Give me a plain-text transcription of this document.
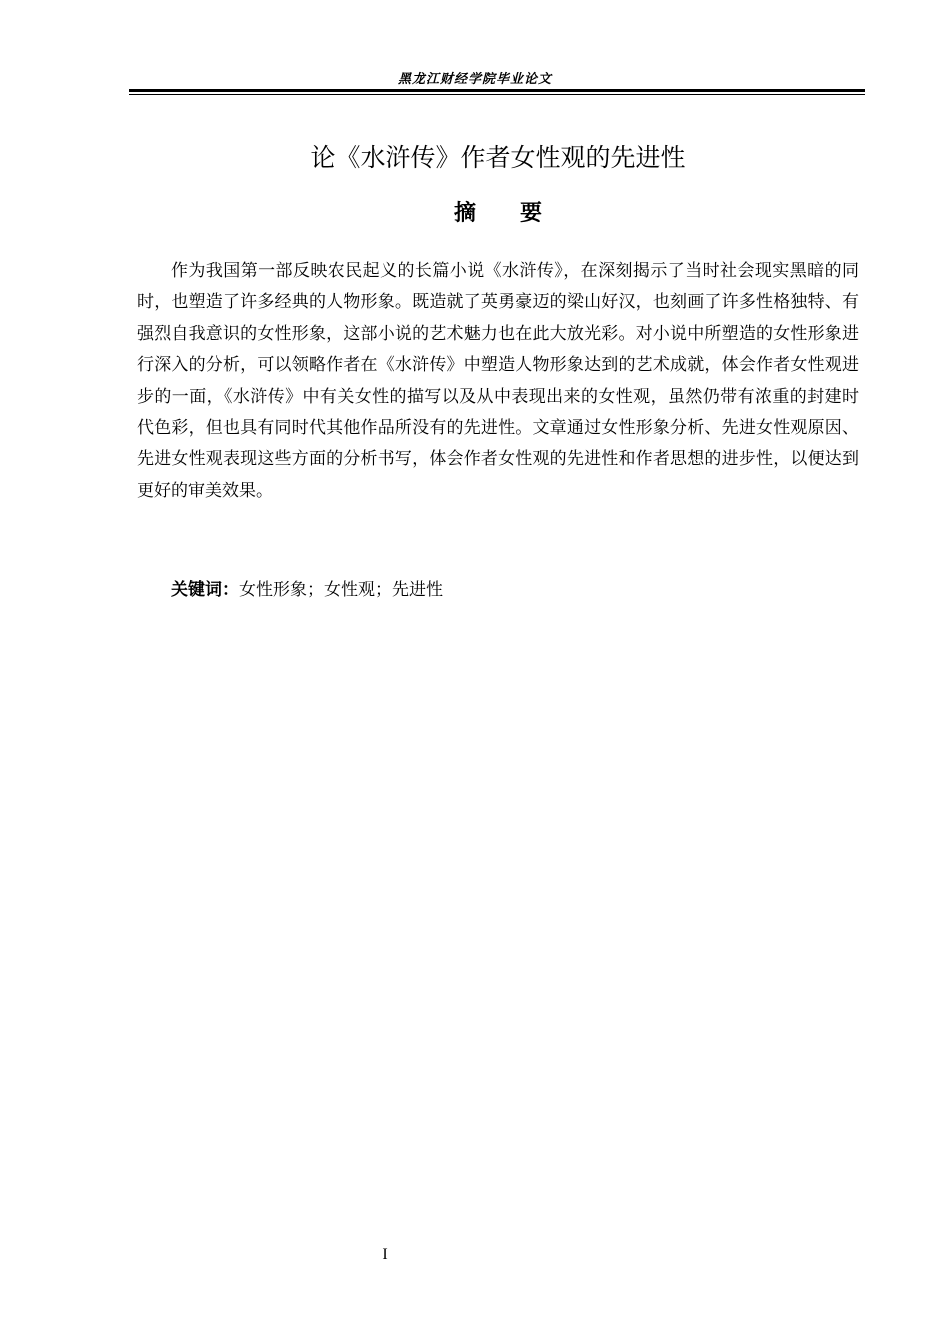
黑龙江财经学院毕业论文
论《水浒传》作者女性观的先进性
摘　　要

作为我国第一部反映农民起义的长篇小说《水浒传》，在深刻揭示了当时社会现实黑暗的同时，也塑造了许多经典的人物形象。既造就了英勇豪迈的梁山好汉，也刻画了许多性格独特、有强烈自我意识的女性形象，这部小说的艺术魅力也在此大放光彩。对小说中所塑造的女性形象进行深入的分析，可以领略作者在《水浒传》中塑造人物形象达到的艺术成就，体会作者女性观进步的一面，《水浒传》中有关女性的描写以及从中表现出来的女性观，虽然仍带有浓重的封建时代色彩，但也具有同时代其他作品所没有的先进性。文章通过女性形象分析、先进女性观原因、先进女性观表现这些方面的分析书写，体会作者女性观的先进性和作者思想的进步性，以便达到更好的审美效果。

关键词：女性形象；女性观；先进性
I
